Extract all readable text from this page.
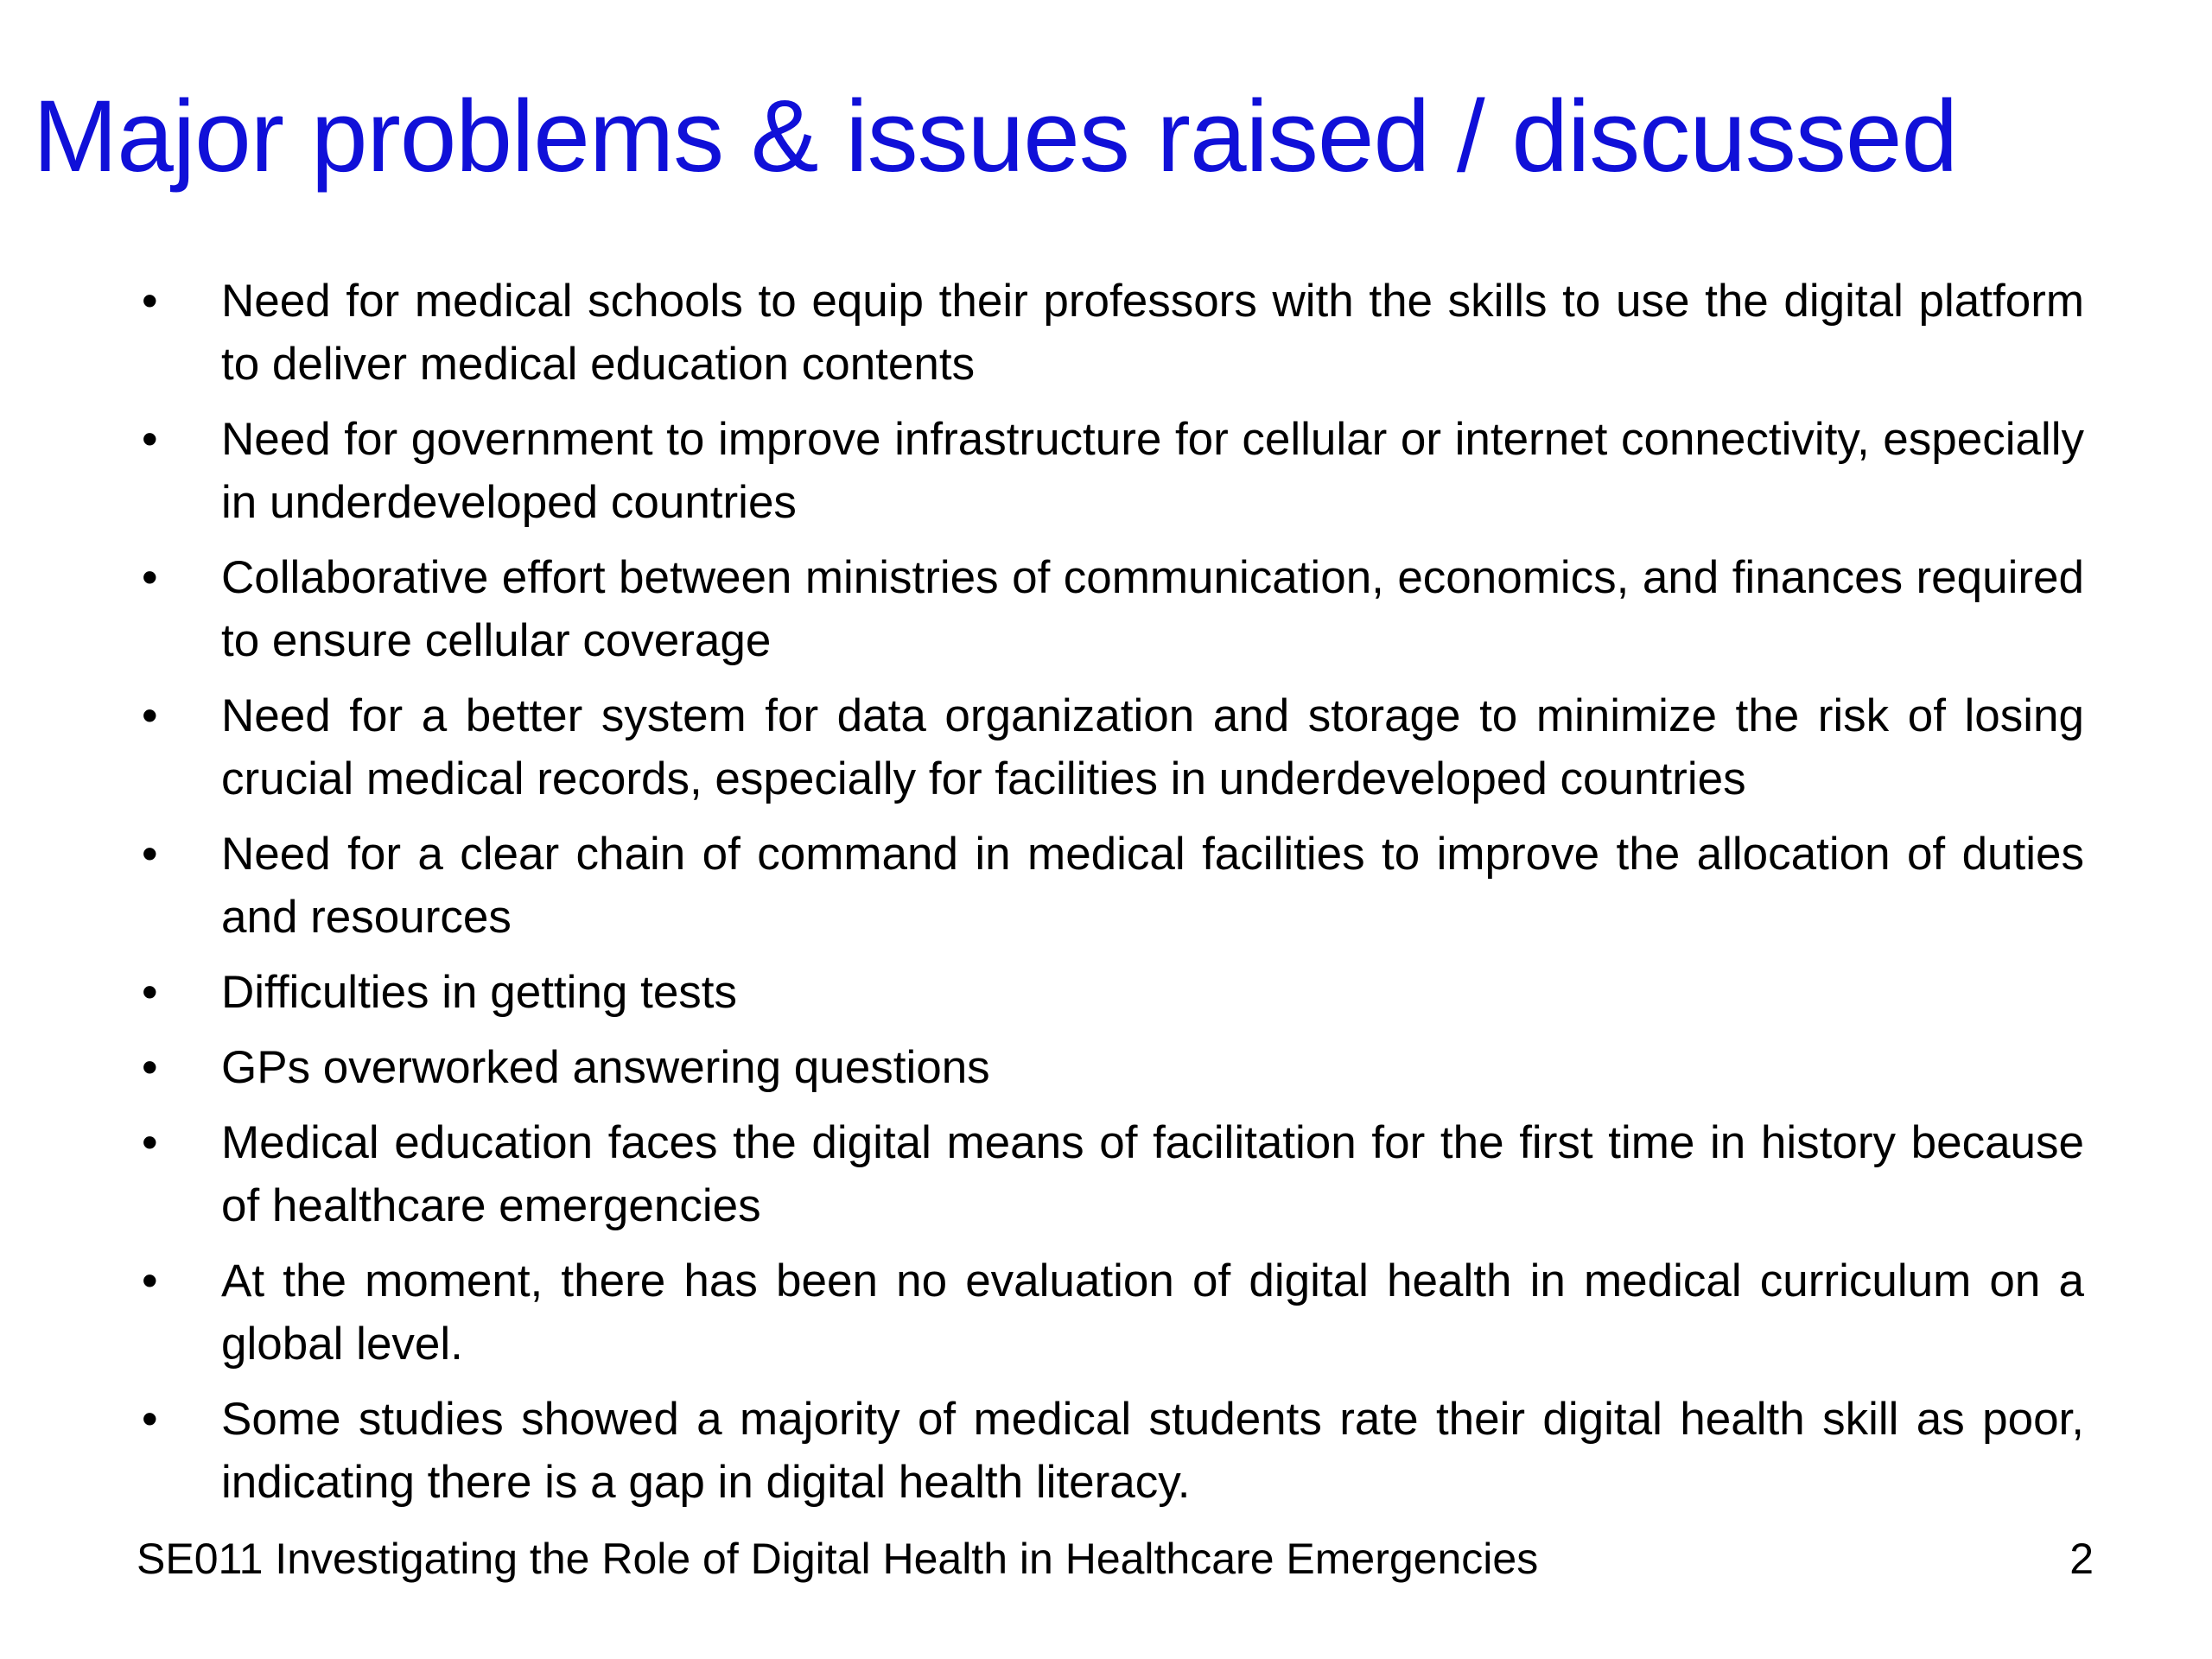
Major problems & issues raised / discussed
• Need for medical schools to equip their professors with the skills to use the digital platform to deliver medical education contents
• Need for government to improve infrastructure for cellular or internet connectivity, especially in underdeveloped countries
• Collaborative effort between ministries of communication, economics, and finances required to ensure cellular coverage
• Need for a better system for data organization and storage to minimize the risk of losing crucial medical records, especially for facilities in underdeveloped countries
• Need for a clear chain of command in medical facilities to improve the allocation of duties and resources
• Difficulties in getting tests
• GPs overworked answering questions
• Medical education faces the digital means of facilitation for the first time in history because of healthcare emergencies
• At the moment, there has been no evaluation of digital health in medical curriculum on a global level.
• Some studies showed a majority of medical students rate their digital health skill as poor, indicating there is a gap in digital health literacy.
SE011 Investigating the Role of Digital Health in Healthcare Emergencies	2
